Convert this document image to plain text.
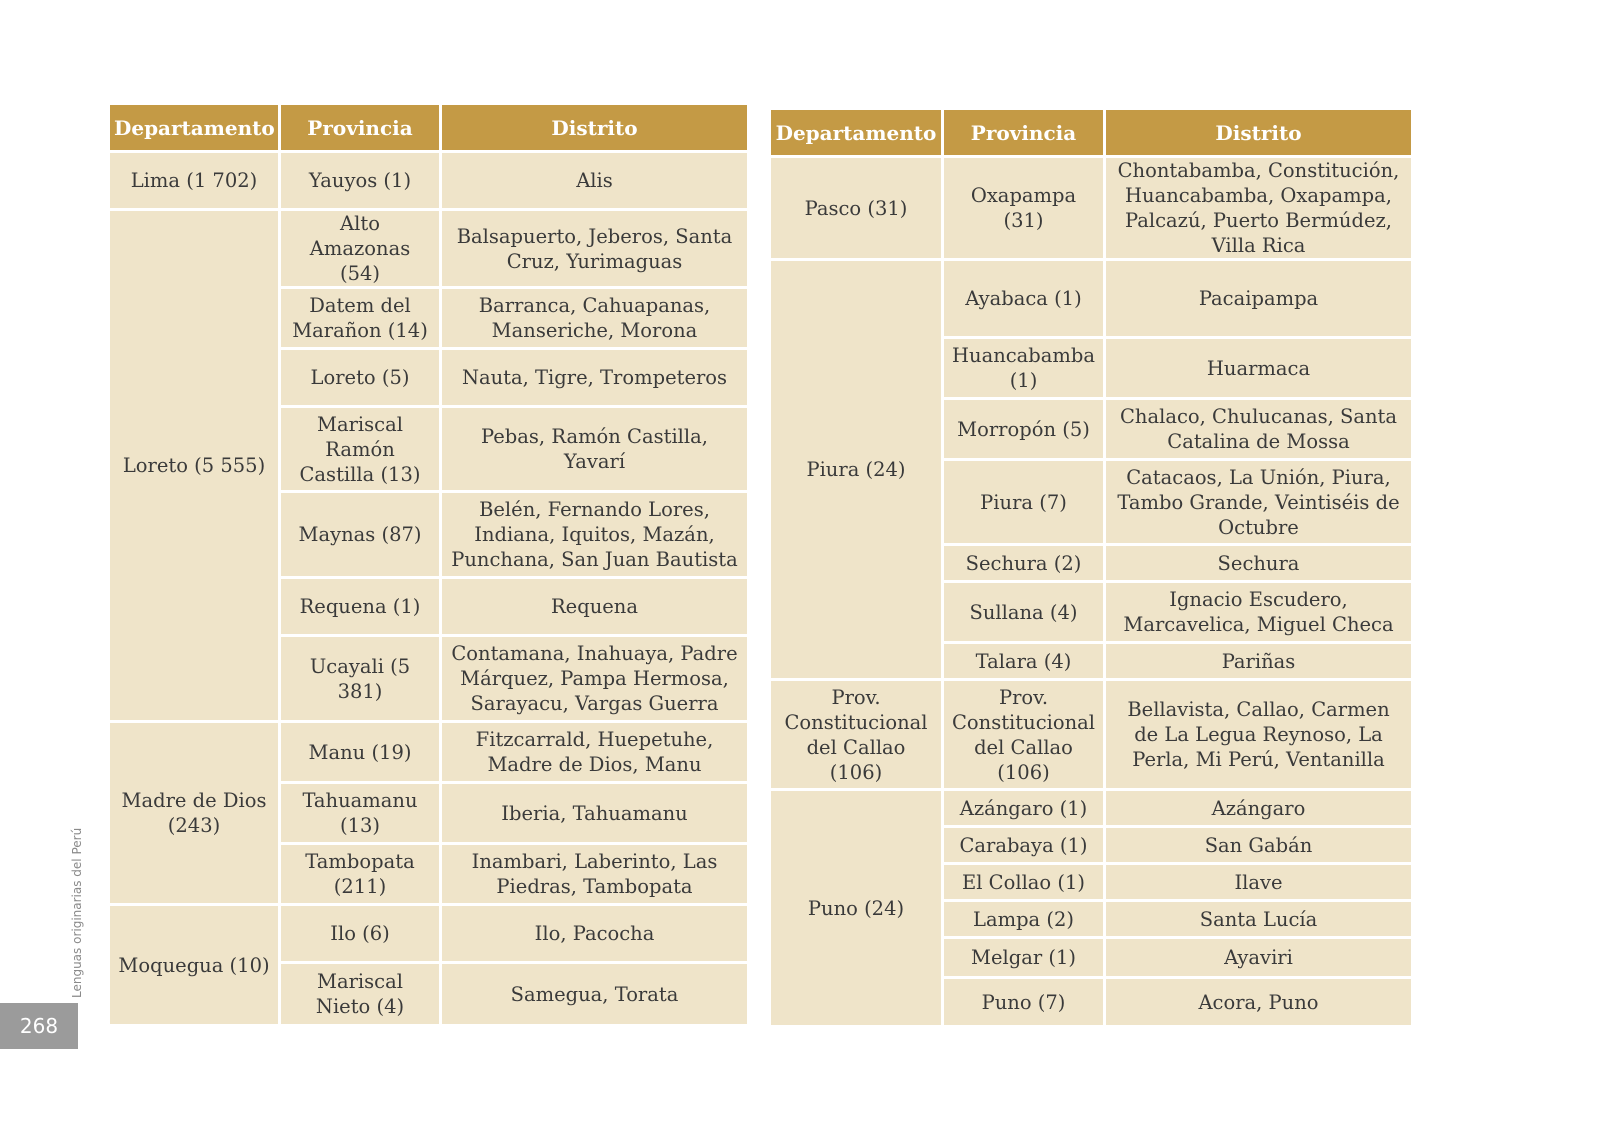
Departamento	Provincia	Distrito
Lima (1 702)	Yauyos (1)	Alis
Loreto (5 555)	Alto Amazonas (54)	Balsapuerto, Jeberos, Santa Cruz, Yurimaguas
	Datem del Marañon (14)	Barranca, Cahuapanas, Manseriche, Morona
	Loreto (5)	Nauta, Tigre, Trompeteros
	Mariscal Ramón Castilla (13)	Pebas, Ramón Castilla, Yavarí
	Maynas (87)	Belén, Fernando Lores, Indiana, Iquitos, Mazán, Punchana, San Juan Bautista
	Requena (1)	Requena
	Ucayali (5 381)	Contamana, Inahuaya, Padre Márquez, Pampa Hermosa, Sarayacu, Vargas Guerra
Madre de Dios (243)	Manu (19)	Fitzcarrald, Huepetuhe, Madre de Dios, Manu
	Tahuamanu (13)	Iberia, Tahuamanu
	Tambopata (211)	Inambari, Laberinto, Las Piedras, Tambopata
Moquegua (10)	Ilo (6)	Ilo, Pacocha
	Mariscal Nieto (4)	Samegua, Torata
Departamento	Provincia	Distrito
Pasco (31)	Oxapampa (31)	Chontabamba, Constitución, Huancabamba, Oxapampa, Palcazú, Puerto Bermúdez, Villa Rica
Piura (24)	Ayabaca (1)	Pacaipampa
	Huancabamba (1)	Huarmaca
	Morropón (5)	Chalaco, Chulucanas, Santa Catalina de Mossa
	Piura (7)	Catacaos, La Unión, Piura, Tambo Grande, Veintiséis de Octubre
	Sechura (2)	Sechura
	Sullana (4)	Ignacio Escudero, Marcavelica, Miguel Checa
	Talara (4)	Pariñas
Prov. Constitucional del Callao (106)	Prov. Constitucional del Callao (106)	Bellavista, Callao, Carmen de La Legua Reynoso, La Perla, Mi Perú, Ventanilla
Puno (24)	Azángaro (1)	Azángaro
	Carabaya (1)	San Gabán
	El Collao (1)	Ilave
	Lampa (2)	Santa Lucía
	Melgar (1)	Ayaviri
	Puno (7)	Acora, Puno
Lenguas originarias del Perú
268
